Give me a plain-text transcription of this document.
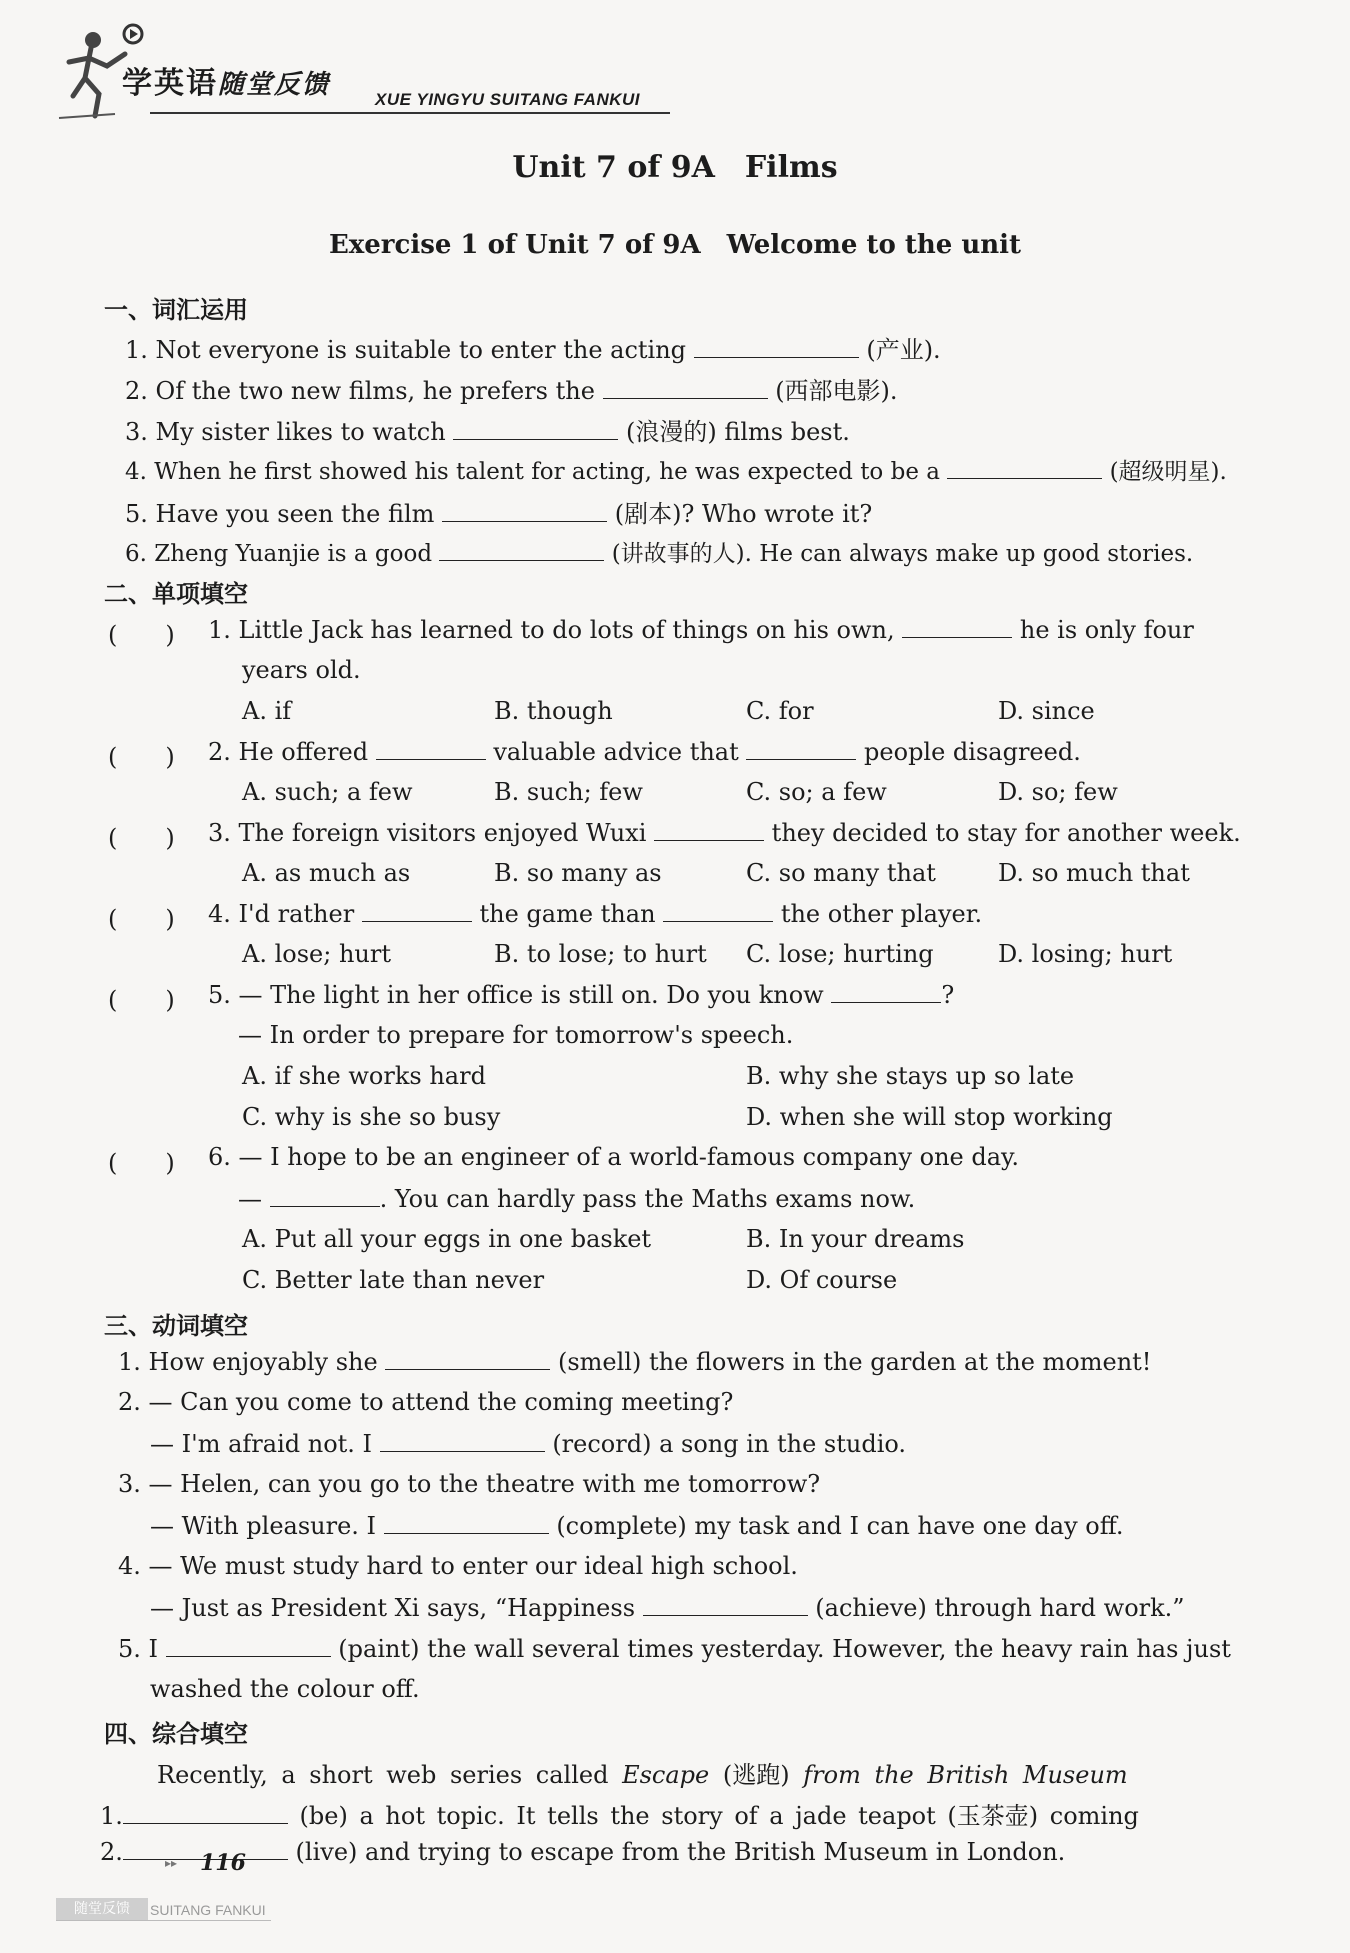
学英语随堂反馈	XUE YINGYU SUITANG FANKUI
Unit 7 of 9A　Films
Exercise 1 of Unit 7 of 9A　Welcome to the unit
一、词汇运用
1. Not everyone is suitable to enter the acting	(产业).
2. Of the two new films, he prefers the	(西部电影).
3. My sister likes to watch	(浪漫的) films best.
4. When he first showed his talent for acting, he was expected to be a	(超级明星).
5. Have you seen the film	(剧本)? Who wrote it?
6. Zheng Yuanjie is a good	(讲故事的人). He can always make up good stories.
二、单项填空
(　　) 1. Little Jack has learned to do lots of things on his own,	he is only four
years old.
A. if	B. though	C. for	D. since
(　　) 2. He offered	valuable advice that	people disagreed.
A. such; a few	B. such; few	C. so; a few	D. so; few
(　　) 3. The foreign visitors enjoyed Wuxi	they decided to stay for another week.
A. as much as	B. so many as	C. so many that	D. so much that
(　　) 4. I'd rather	the game than	the other player.
A. lose; hurt	B. to lose; to hurt C. lose; hurting	D. losing; hurt
(　　) 5. — The light in her office is still on. Do you know	?
— In order to prepare for tomorrow's speech.
A. if she works hard	B. why she stays up so late
C. why is she so busy	D. when she will stop working
(　　) 6. — I hope to be an engineer of a world-famous company one day.
—	. You can hardly pass the Maths exams now.
A. Put all your eggs in one basket	B. In your dreams
C. Better late than never	D. Of course
三、动词填空
1. How enjoyably she	(smell) the flowers in the garden at the moment!
2. — Can you come to attend the coming meeting?
— I'm afraid not. I	(record) a song in the studio.
3. — Helen, can you go to the theatre with me tomorrow?
— With pleasure. I	(complete) my task and I can have one day off.
4. — We must study hard to enter our ideal high school.
— Just as President Xi says, “Happiness	(achieve) through hard work.”
5. I	(paint) the wall several times yesterday. However, the heavy rain has just
washed the colour off.
四、综合填空
Recently, a short web series called Escape (逃跑) from the British Museum
1.	(be) a hot topic. It tells the story of a jade teapot (玉茶壶) coming
2.	(live) and trying to escape from the British Museum in London.
▸▸ 116
随堂反馈	SUITANG FANKUI
